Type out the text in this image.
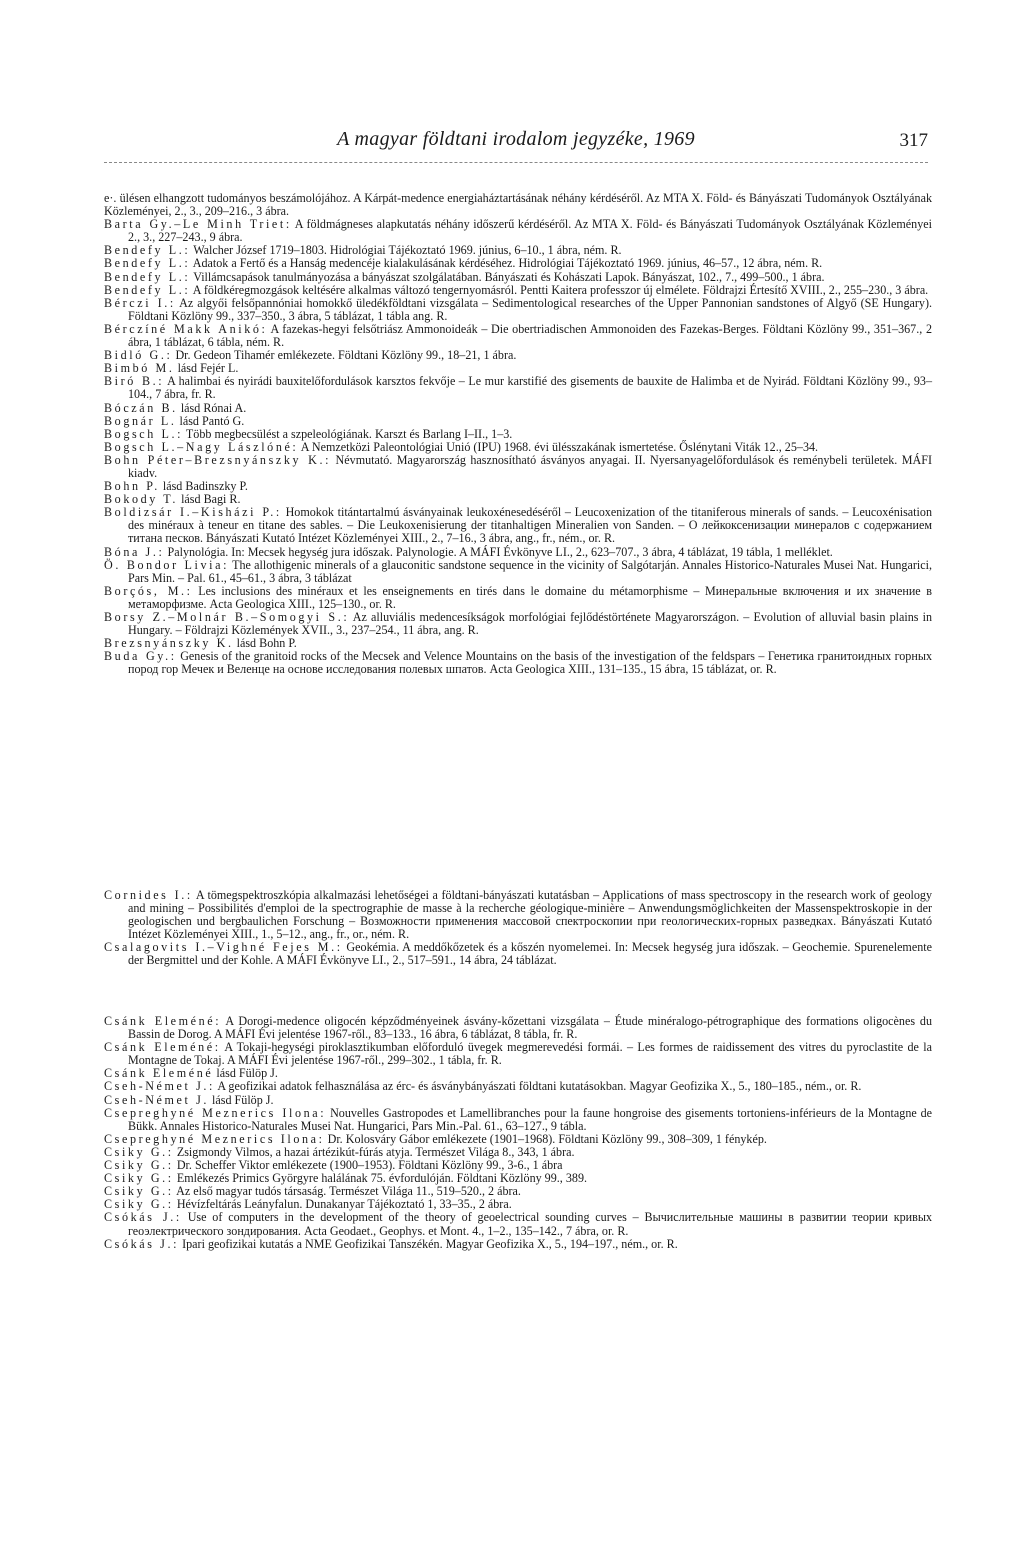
A magyar földtani irodalom jegyzéke, 1969	317

e·. ülésen elhangzott tudományos beszámolójához. A Kárpát-medence energiaháztartásának néhány kérdéséről. Az MTA X. Föld- és Bányászati Tudományok Osztályának Közleményei, 2., 3., 209–216., 3 ábra.

Barta Gy.–Le Minh Triet: A földmágneses alapkutatás néhány időszerű kérdéséről. Az MTA X. Föld- és Bányászati Tudományok Osztályának Közleményei 2., 3., 227–243., 9 ábra.

Bendefy L.: Walcher József 1719–1803. Hidrológiai Tájékoztató 1969. június, 6–10., 1 ábra, ném. R.

Bendefy L.: Adatok a Fertő és a Hanság medencéje kialakulásának kérdéséhez. Hidrológiai Tájékoztató 1969. június, 46–57., 12 ábra, ném. R.

Bendefy L.: Villámcsapások tanulmányozása a bányászat szolgálatában. Bányászati és Kohászati Lapok. Bányászat, 102., 7., 499–500., 1 ábra.

Bendefy L.: A földkéregmozgások keltésére alkalmas változó tengernyomásról. Pentti Kaitera professzor új elmélete. Földrajzi Értesítő XVIII., 2., 255–230., 3 ábra.

Bérczi I.: Az algyői felsőpannóniai homokkő üledékföldtani vizsgálata – Sedimentological researches of the Upper Pannonian sandstones of Algyő (SE Hungary). Földtani Közlöny 99., 337–350., 3 ábra, 5 táblázat, 1 tábla ang. R.

Bérczíné Makk Anikó: A fazekas-hegyi felsőtriász Ammonoideák – Die obertriadischen Ammonoiden des Fazekas-Berges. Földtani Közlöny 99., 351–367., 2 ábra, 1 táblázat, 6 tábla, ném. R.

Bidló G.: Dr. Gedeon Tihamér emlékezete. Földtani Közlöny 99., 18–21, 1 ábra.

Bimbó M. lásd Fejér L.

Biró B.: A halimbai és nyirádi bauxitelőfordulások karsztos fekvője – Le mur karstifié des gisements de bauxite de Halimba et de Nyirád. Földtani Közlöny 99., 93–104., 7 ábra, fr. R.

Bóczán B. lásd Rónai A.

Bognár L. lásd Pantó G.

Bogsch L.: Több megbecsülést a szpeleológiának. Karszt és Barlang I–II., 1–3.

Bogsch L.–Nagy Lászlóné: A Nemzetközi Paleontológiai Unió (IPU) 1968. évi ülésszakának ismertetése. Őslénytani Viták 12., 25–34.

Bohn Péter–Brezsnyánszky K.: Névmutató. Magyarország hasznosítható ásványos anyagai. II. Nyersanyagelőfordulások és reménybeli területek. MÁFI kiadv.

Bohn P. lásd Badinszky P.

Bokody T. lásd Bagi R.

Boldizsár I.–Kisházi P.: Homokok titántartalmú ásványainak leukoxénesedéséről – Leucoxenization of the titaniferous minerals of sands. – Leucoxénisation des minéraux à teneur en titane des sables. – Die Leukoxenisierung der titanhaltigen Mineralien von Sanden. – О лейкоксенизации минералов с содержанием титана песков. Bányászati Kutató Intézet Közleményei XIII., 2., 7–16., 3 ábra, ang., fr., ném., or. R.

Bóna J.: Palynológia. In: Mecsek hegység jura időszak. Palynologie. A MÁFI Évkönyve LI., 2., 623–707., 3 ábra, 4 táblázat, 19 tábla, 1 melléklet.

Ö. Bondor Livia: The allothigenic minerals of a glauconitic sandstone sequence in the vicinity of Salgótarján. Annales Historico-Naturales Musei Nat. Hungarici, Pars Min. – Pal. 61., 45–61., 3 ábra, 3 táblázat

Borçós, M.: Les inclusions des minéraux et les enseignements en tirés dans le domaine du métamorphisme – Минеральные включения и их значение в метаморфизме. Acta Geologica XIII., 125–130., or. R.

Borsy Z.–Molnár B.–Somogyi S.: Az alluviális medencesíkságok morfológiai fejlődéstörténete Magyarországon. – Evolution of alluvial basin plains in Hungary. – Földrajzi Közlemények XVII., 3., 237–254., 11 ábra, ang. R.

Brezsnyánszky K. lásd Bohn P.

Buda Gy.: Genesis of the granitoid rocks of the Mecsek and Velence Mountains on the basis of the investigation of the feldspars – Генетика гранитоидных горных пород гор Мечек и Веленце на основе исследования полевых шпатов. Acta Geologica XIII., 131–135., 15 ábra, 15 táblázat, or. R.

Cornides I.: A tömegspektroszkópia alkalmazási lehetőségei a földtani-bányászati kutatásban – Applications of mass spectroscopy in the research work of geology and mining – Possibilités d'emploi de la spectrographie de masse à la recherche géologique-minière – Anwendungsmöglichkeiten der Massenspektroskopie in der geologischen und bergbaulichen Forschung – Возможности применения массовой спектроскопии при геологических-горных разведках. Bányászati Kutató Intézet Közleményei XIII., 1., 5–12., ang., fr., or., ném. R.

Csalagovits I.–Vighné Fejes M.: Geokémia. A meddőkőzetek és a kőszén nyomelemei. In: Mecsek hegység jura időszak. – Geochemie. Spurenelemente der Bergmittel und der Kohle. A MÁFI Évkönyve LI., 2., 517–591., 14 ábra, 24 táblázat.

Csánk Eleméné: A Dorogi-medence oligocén képződményeinek ásvány-kőzettani vizsgálata – Étude minéralogo-pétrographique des formations oligocènes du Bassin de Dorog. A MÁFI Évi jelentése 1967-ről., 83–133., 16 ábra, 6 táblázat, 8 tábla, fr. R.

Csánk Eleméné: A Tokaji-hegységi piroklasztikumban előforduló üvegek megmerevedési formái. – Les formes de raidissement des vitres du pyroclastite de la Montagne de Tokaj. A MÁFI Évi jelentése 1967-ről., 299–302., 1 tábla, fr. R.

Csánk Eleméné lásd Fülöp J.

Cseh-Német J.: A geofizikai adatok felhasználása az érc- és ásványbányászati földtani kutatásokban. Magyar Geofizika X., 5., 180–185., ném., or. R.

Cseh-Német J. lásd Fülöp J.

Csepreghyné Meznerics Ilona: Nouvelles Gastropodes et Lamellibranches pour la faune hongroise des gisements tortoniens-inférieurs de la Montagne de Bükk. Annales Historico-Naturales Musei Nat. Hungarici, Pars Min.-Pal. 61., 63–127., 9 tábla.

Csepreghyné Meznerics Ilona: Dr. Kolosváry Gábor emlékezete (1901–1968). Földtani Közlöny 99., 308–309, 1 fénykép.

Csiky G.: Zsigmondy Vilmos, a hazai ártézikút-fúrás atyja. Természet Világa 8., 343, 1 ábra.

Csiky G.: Dr. Scheffer Viktor emlékezete (1900–1953). Földtani Közlöny 99., 3-6., 1 ábra

Csiky G.: Emlékezés Primics Györgyre halálának 75. évfordulóján. Földtani Közlöny 99., 389.

Csiky G.: Az első magyar tudós társaság. Természet Világa 11., 519–520., 2 ábra.

Csiky G.: Hévízfeltárás Leányfalun. Dunakanyar Tájékoztató 1, 33–35., 2 ábra.

Csókás J.: Use of computers in the development of the theory of geoelectrical sounding curves – Вычислительные машины в развитии теории кривых геоэлектрического зондирования. Acta Geodaet., Geophys. et Mont. 4., 1–2., 135–142., 7 ábra, or. R.

Csókás J.: Ipari geofizikai kutatás a NME Geofizikai Tanszékén. Magyar Geofizika X., 5., 194–197., ném., or. R.
